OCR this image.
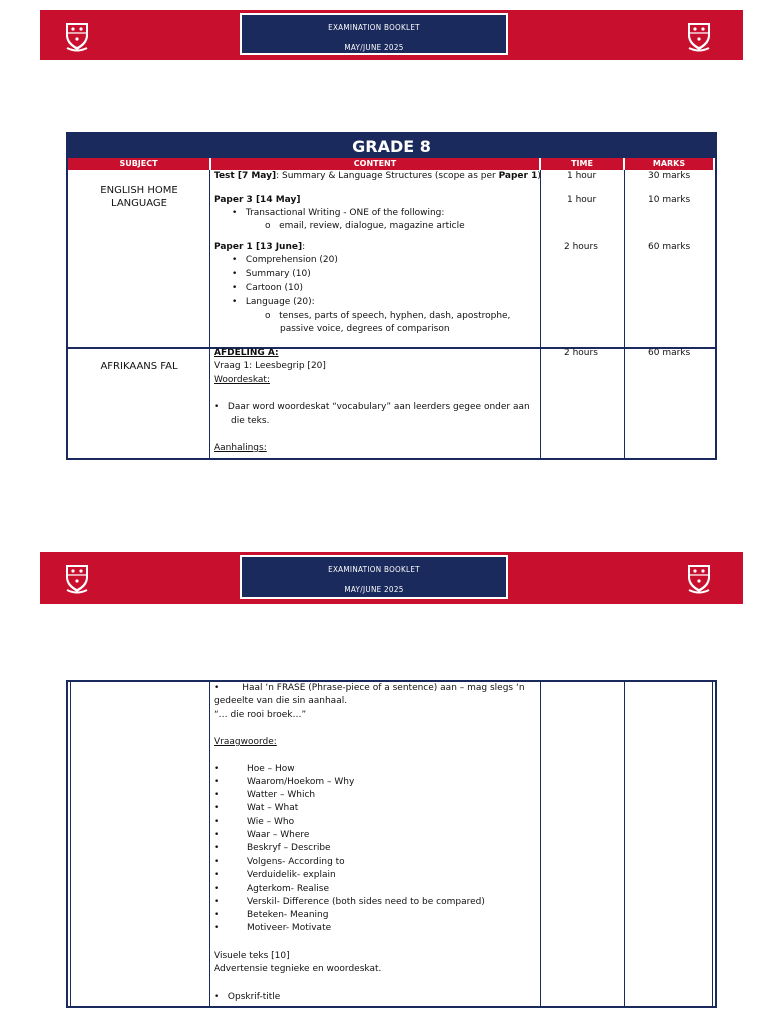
EXAMINATION BOOKLET
MAY/JUNE 2025
GRADE 8
SUBJECT	CONTENT	TIME	MARKS
ENGLISH HOME LANGUAGE
Test [7 May]: Summary & Language Structures (scope as per Paper 1)	1 hour	30 marks
Paper 3 [14 May]
•   Transactional Writing - ONE of the following:
o   email, review, dialogue, magazine article
1 hour	10 marks
Paper 1 [13 June]:
•   Comprehension (20)
•   Summary (10)
•   Cartoon (10)
•   Language (20):
o   tenses, parts of speech, hyphen, dash, apostrophe,
passive voice, degrees of comparison
2 hours	60 marks
AFRIKAANS FAL
AFDELING A:
Vraag 1: Leesbegrip [20]
Woordeskat:
•   Daar word woordeskat “vocabulary” aan leerders gegee onder aan
die teks.
Aanhalings:
2 hours	60 marks
EXAMINATION BOOKLET
MAY/JUNE 2025
•        Haal ‘n FRASE (Phrase-piece of a sentence) aan – mag slegs ‘n
gedeelte van die sin aanhaal.
“… die rooi broek…”
Vraagwoorde:
•	Hoe – How
•	Waarom/Hoekom – Why
•	Watter – Which
•	Wat – What
•	Wie – Who
•	Waar – Where
•	Beskryf – Describe
•	Volgens- According to
•	Verduidelik- explain
•	Agterkom- Realise
•	Verskil- Difference (both sides need to be compared)
•	Beteken- Meaning
•	Motiveer- Motivate
Visuele teks [10]
Advertensie tegnieke en woordeskat.
•   Opskrif-title
